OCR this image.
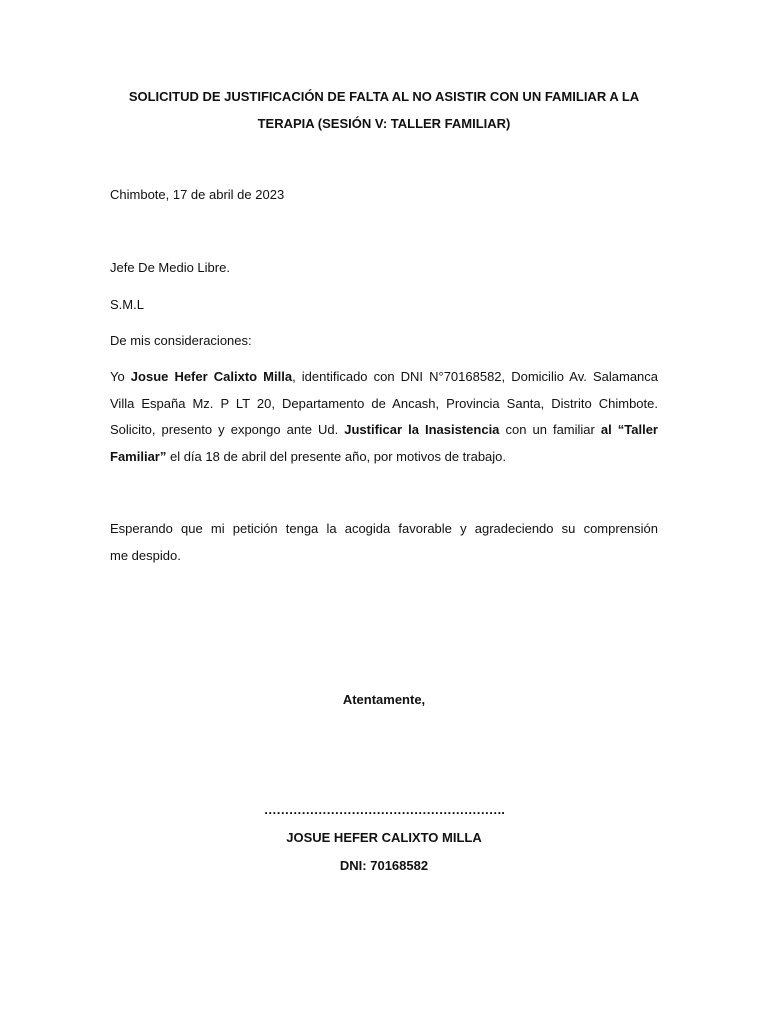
SOLICITUD DE JUSTIFICACIÓN DE FALTA AL NO ASISTIR CON UN FAMILIAR A LA
TERAPIA (SESIÓN V: TALLER FAMILIAR)
Chimbote, 17 de abril de 2023
Jefe De Medio Libre.
S.M.L
De mis consideraciones:
Yo Josue Hefer Calixto Milla, identificado con DNI N°70168582, Domicilio Av. Salamanca
Villa España Mz. P LT 20, Departamento de Ancash, Provincia Santa, Distrito Chimbote.
Solicito, presento y expongo ante Ud. Justificar la Inasistencia con un familiar al “Taller
Familiar” el día 18 de abril del presente año, por motivos de trabajo.
Esperando que mi petición tenga la acogida favorable y agradeciendo su comprensión
me despido.
Atentamente,
………………………………………………….
JOSUE HEFER CALIXTO MILLA
DNI: 70168582
